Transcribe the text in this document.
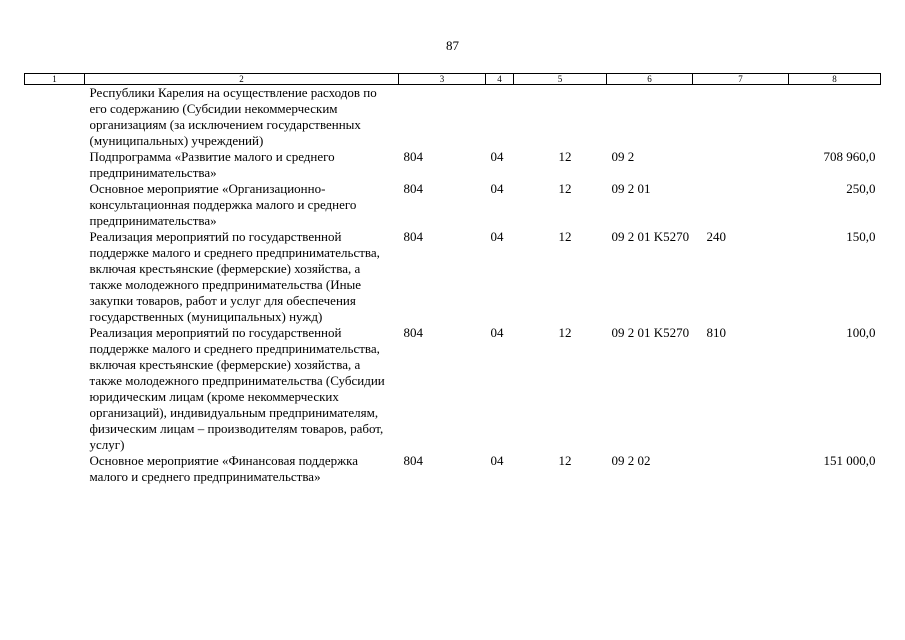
87
1	2	3	4	5	6	7	8
	Республики Карелия на осуществление расходов по его содержанию (Субсидии некоммерческим организациям (за исключением государственных (муниципальных) учреждений)						
	Подпрограмма «Развитие малого и среднего предпринимательства»	804	04	12	09 2		708 960,0
	Основное мероприятие «Организационно-консультационная поддержка малого и среднего предпринимательства»	804	04	12	09 2 01		250,0
	Реализация мероприятий по государственной поддержке малого и среднего предпринимательства, включая крестьянские (фермерские) хозяйства, а также молодежного предпринимательства (Иные закупки товаров, работ и услуг для обеспечения государственных (муниципальных) нужд)	804	04	12	09 2 01 K5270	240	150,0
	Реализация мероприятий по государственной поддержке малого и среднего предпринимательства, включая крестьянские (фермерские) хозяйства, а также молодежного предпринимательства (Субсидии юридическим лицам (кроме некоммерческих организаций), индивидуальным предпринимателям, физическим лицам – производителям товаров, работ, услуг)	804	04	12	09 2 01 K5270	810	100,0
	Основное мероприятие «Финансовая поддержка малого и среднего предпринимательства»	804	04	12	09 2 02		151 000,0
